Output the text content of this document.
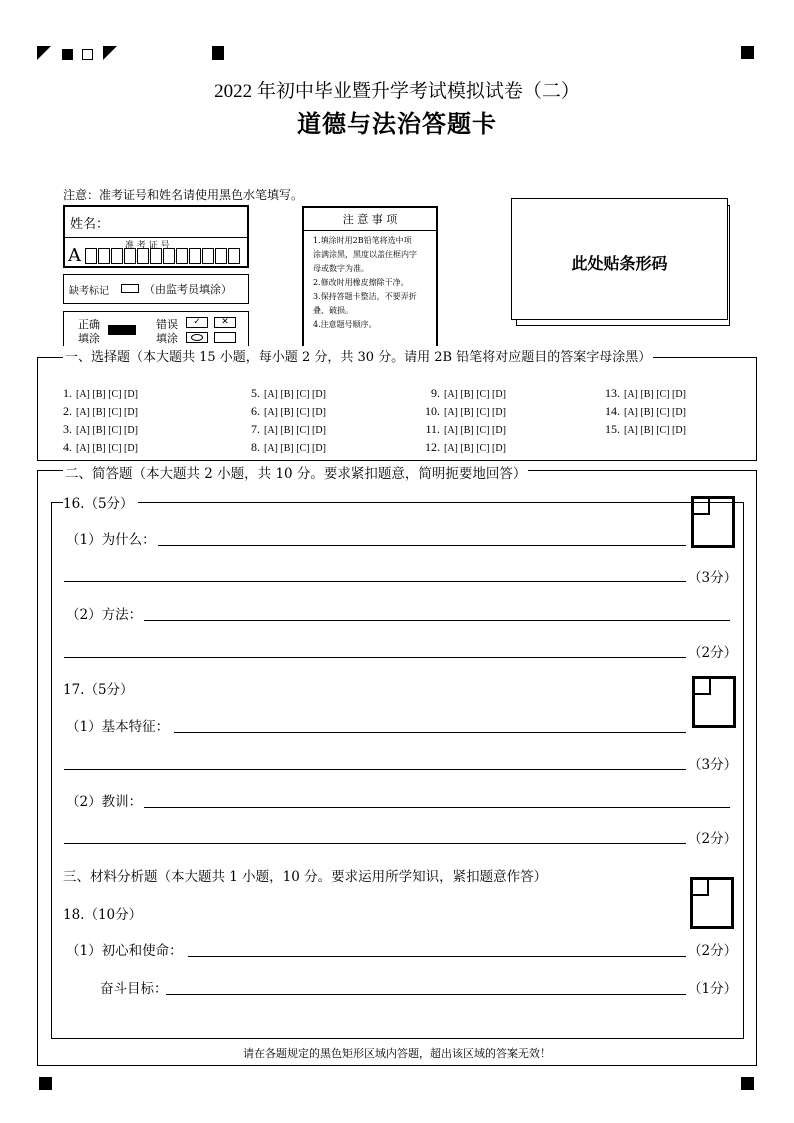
2022 年初中毕业暨升学考试模拟试卷（二）
道德与法治答题卡
注意：准考证号和姓名请使用黑色水笔填写。
姓名：
准 考 证 号
A
缺考标记	（由监考员填涂）
正确
填涂
错误
填涂
✓	✕
注 意 事 项
1.填涂时用2B铅笔将选中项
涂满涂黑，黑度以盖住框内字
母或数字为准。
2.修改时用橡皮擦除干净。
3.保持答题卡整洁，不要弄折
叠、破损。
4.注意题号顺序。
此处贴条形码
一、选择题（本大题共 15 小题，每小题 2 分，共 30 分。请用 2B 铅笔将对应题目的答案字母涂黑）
1. [A] [B] [C] [D]
2. [A] [B] [C] [D]
3. [A] [B] [C] [D]
4. [A] [B] [C] [D]
5. [A] [B] [C] [D]
6. [A] [B] [C] [D]
7. [A] [B] [C] [D]
8. [A] [B] [C] [D]
9. [A] [B] [C] [D]
10. [A] [B] [C] [D]
11. [A] [B] [C] [D]
12. [A] [B] [C] [D]
13. [A] [B] [C] [D]
14. [A] [B] [C] [D]
15. [A] [B] [C] [D]
二、简答题（本大题共 2 小题，共 10 分。要求紧扣题意，简明扼要地回答）
16.（5分）
（1）为什么：
（3分）
（2）方法：
（2分）
17.（5分）
（1）基本特征：
（3分）
（2）教训：
（2分）
三、材料分析题（本大题共 1 小题，10 分。要求运用所学知识，紧扣题意作答）
18.（10分）
（1）初心和使命：	（2分）
奋斗目标：	（1分）
请在各题规定的黑色矩形区域内答题，超出该区域的答案无效！
